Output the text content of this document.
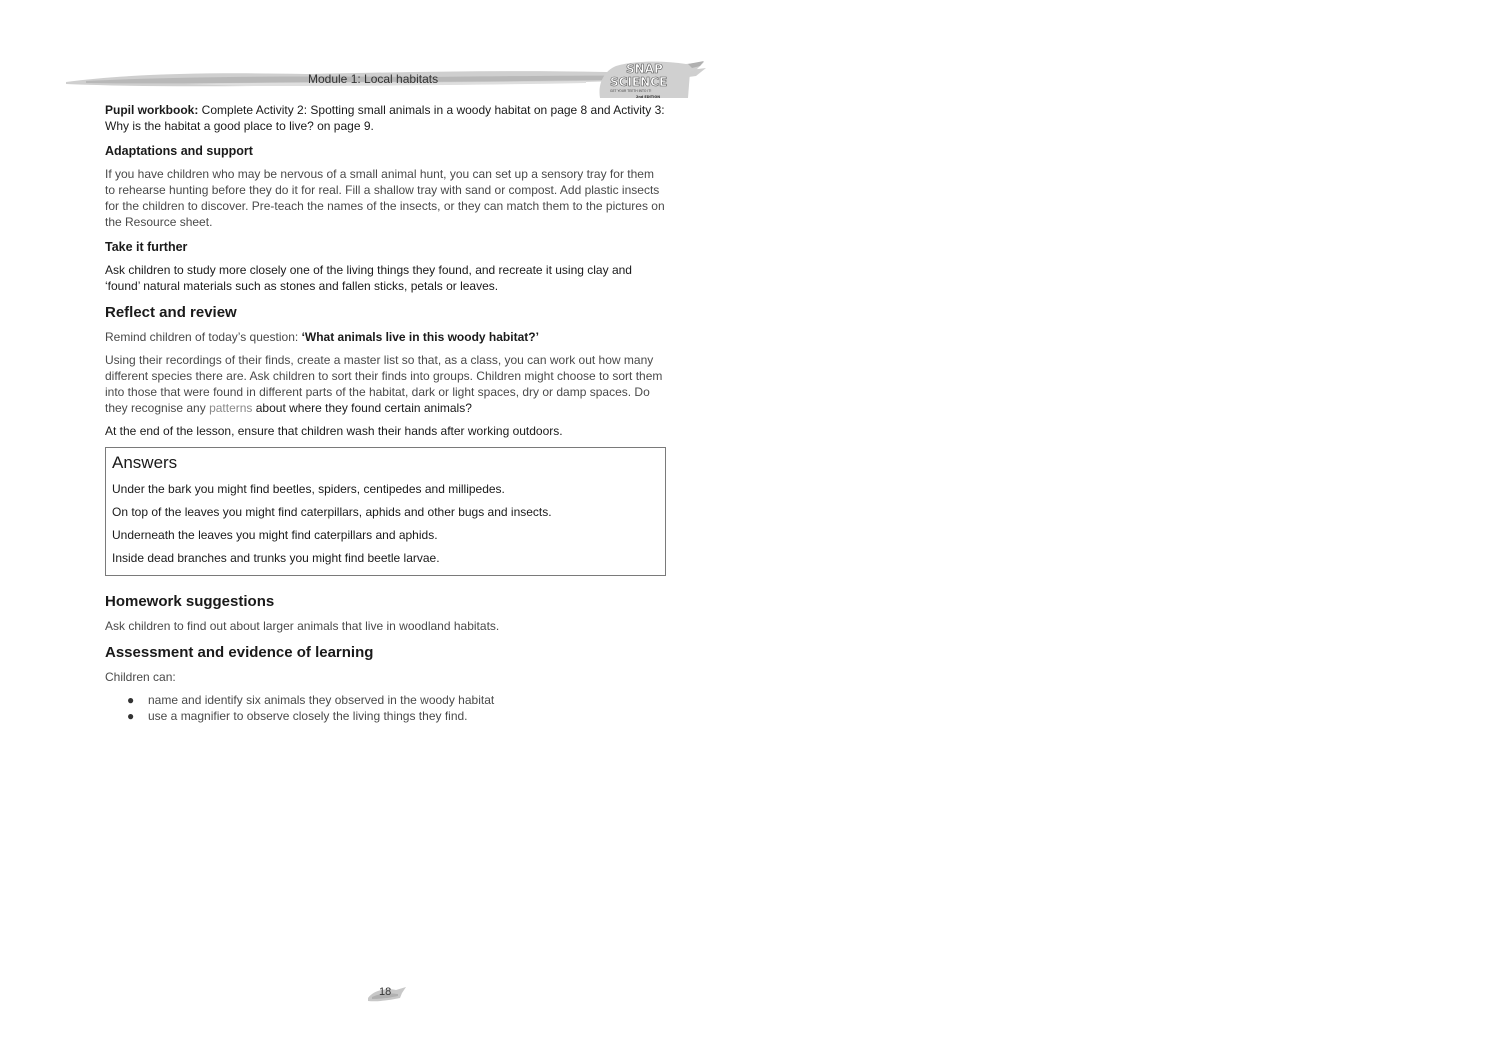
Module 1: Local habitats
SNAP
SCIENCE
GET YOUR TEETH INTO IT!
2nd EDITION

Pupil workbook: Complete Activity 2: Spotting small animals in a woody habitat on page 8 and Activity 3: Why is the habitat a good place to live? on page 9.

Adaptations and support

If you have children who may be nervous of a small animal hunt, you can set up a sensory tray for them to rehearse hunting before they do it for real. Fill a shallow tray with sand or compost. Add plastic insects for the children to discover. Pre-teach the names of the insects, or they can match them to the pictures on the Resource sheet.

Take it further

Ask children to study more closely one of the living things they found, and recreate it using clay and ‘found’ natural materials such as stones and fallen sticks, petals or leaves.

Reflect and review

Remind children of today’s question: ‘What animals live in this woody habitat?’

Using their recordings of their finds, create a master list so that, as a class, you can work out how many different species there are. Ask children to sort their finds into groups. Children might choose to sort them into those that were found in different parts of the habitat, dark or light spaces, dry or damp spaces. Do they recognise any patterns about where they found certain animals?

At the end of the lesson, ensure that children wash their hands after working outdoors.

Answers

Under the bark you might find beetles, spiders, centipedes and millipedes.

On top of the leaves you might find caterpillars, aphids and other bugs and insects.

Underneath the leaves you might find caterpillars and aphids.

Inside dead branches and trunks you might find beetle larvae.

Homework suggestions

Ask children to find out about larger animals that live in woodland habitats.

Assessment and evidence of learning

Children can:

● name and identify six animals they observed in the woody habitat
● use a magnifier to observe closely the living things they find.
18
